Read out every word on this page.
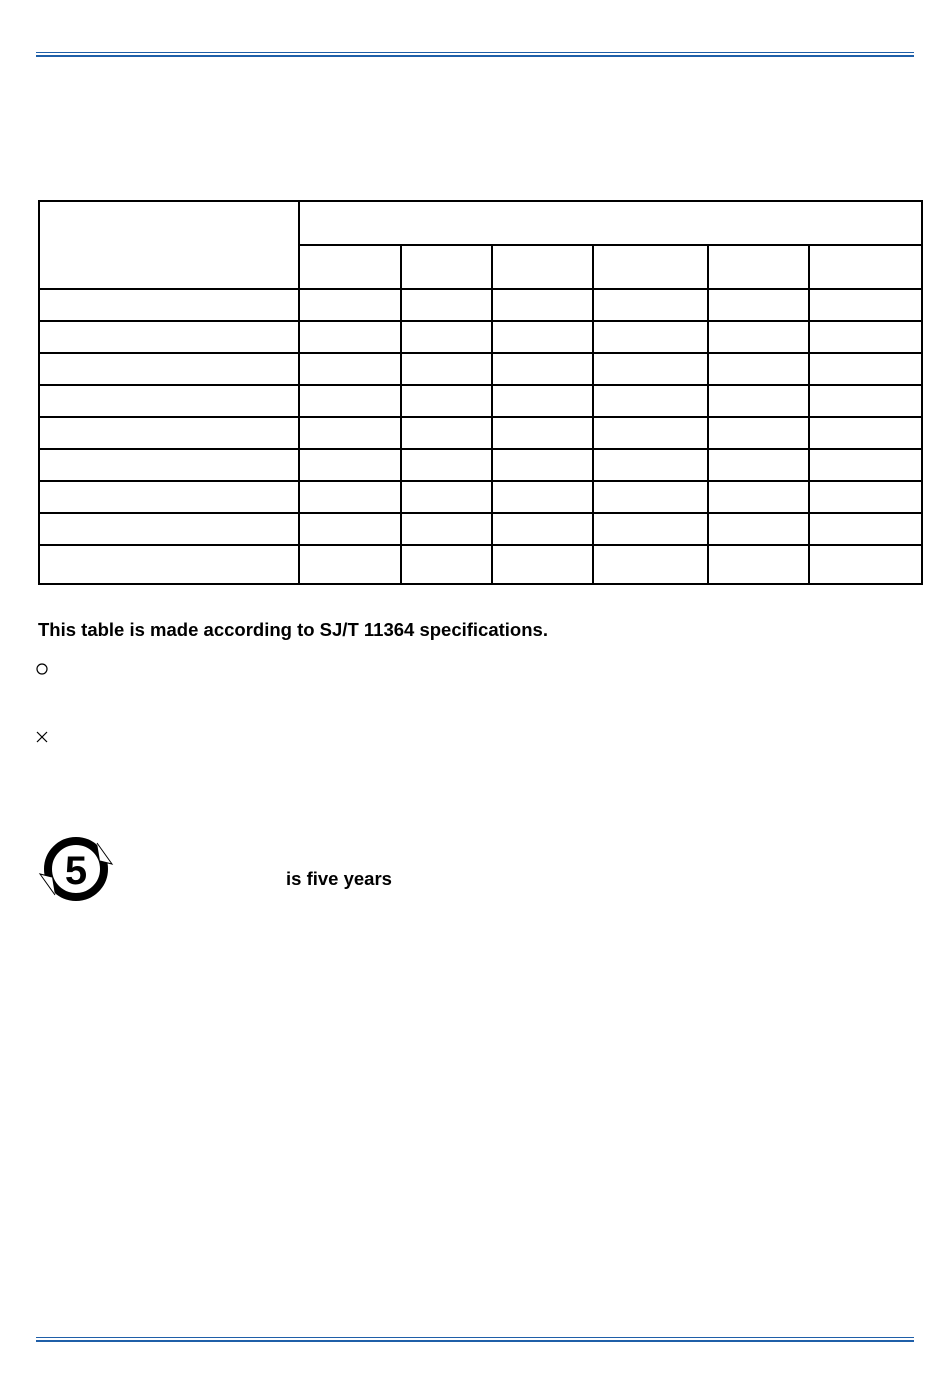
This table is made according to SJ/T 11364 specifications.
5	is five years
